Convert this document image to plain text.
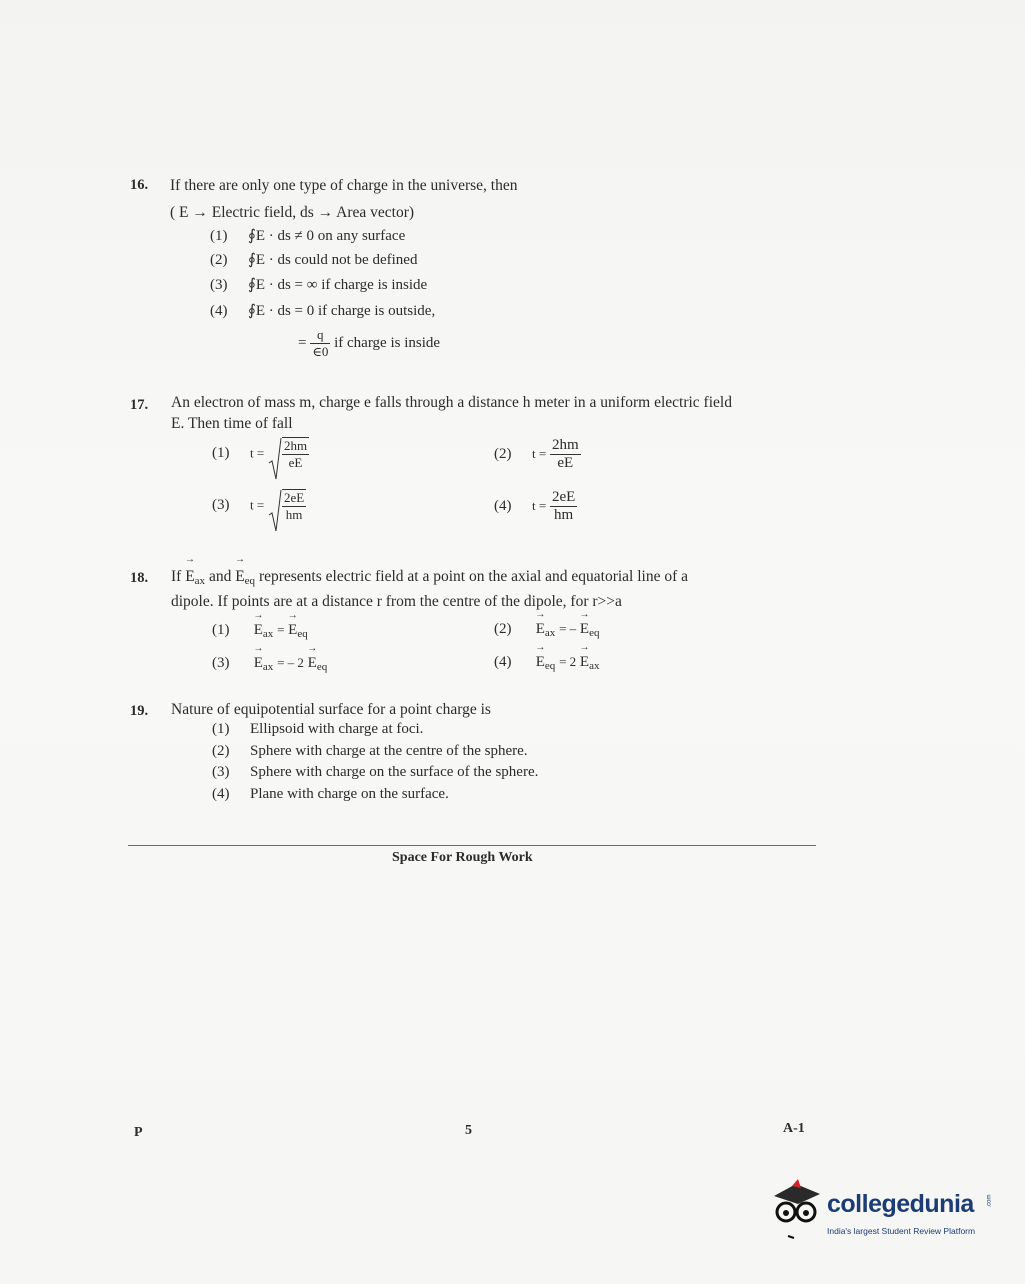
16. If there are only one type of charge in the universe, then
( E → Electric field, ds → Area vector)
(1) ∮E · ds ≠ 0 on any surface
(2) ∮E · ds could not be defined
(3) ∮E · ds = ∞ if charge is inside
(4) ∮E · ds = 0 if charge is outside,
= $\frac{q}{\in 0}$ if charge is inside
17. An electron of mass m, charge e falls through a distance h meter in a uniform electric field
E. Then time of fall
(1) $t = \frac{2hm}{eE}$	(2) $t = \frac{2hm}{eE}$
(3) $t = \frac{2eE}{hm}$	(4) $t = \frac{2eE}{hm}$
18. $If \to E_{ax}$ and → $E_{eq}$ represents electric field at a point on the axial and equatorial line of a
dipole. If points are at a distance r from the centre of the dipole, for r>>a
$(1) \to E_{ax}$ = → $E_{eq}$	$(2) \to E_{ax}$ = – → $E_{eq}$
$(3) \to E_{ax}$ = – $2 \to E_{eq}$	$(4) \to E_{eq} = 2 \to E_{ax}$
19. Nature of equipotential surface for a point charge is
(1) Ellipsoid with charge at foci.
(2) Sphere with charge at the centre of the sphere.
(3) Sphere with charge on the surface of the sphere.
(4) Plane with charge on the surface.
Space For Rough Work
P	5	A-1
collegedunia .com
India's largest Student Review Platform
